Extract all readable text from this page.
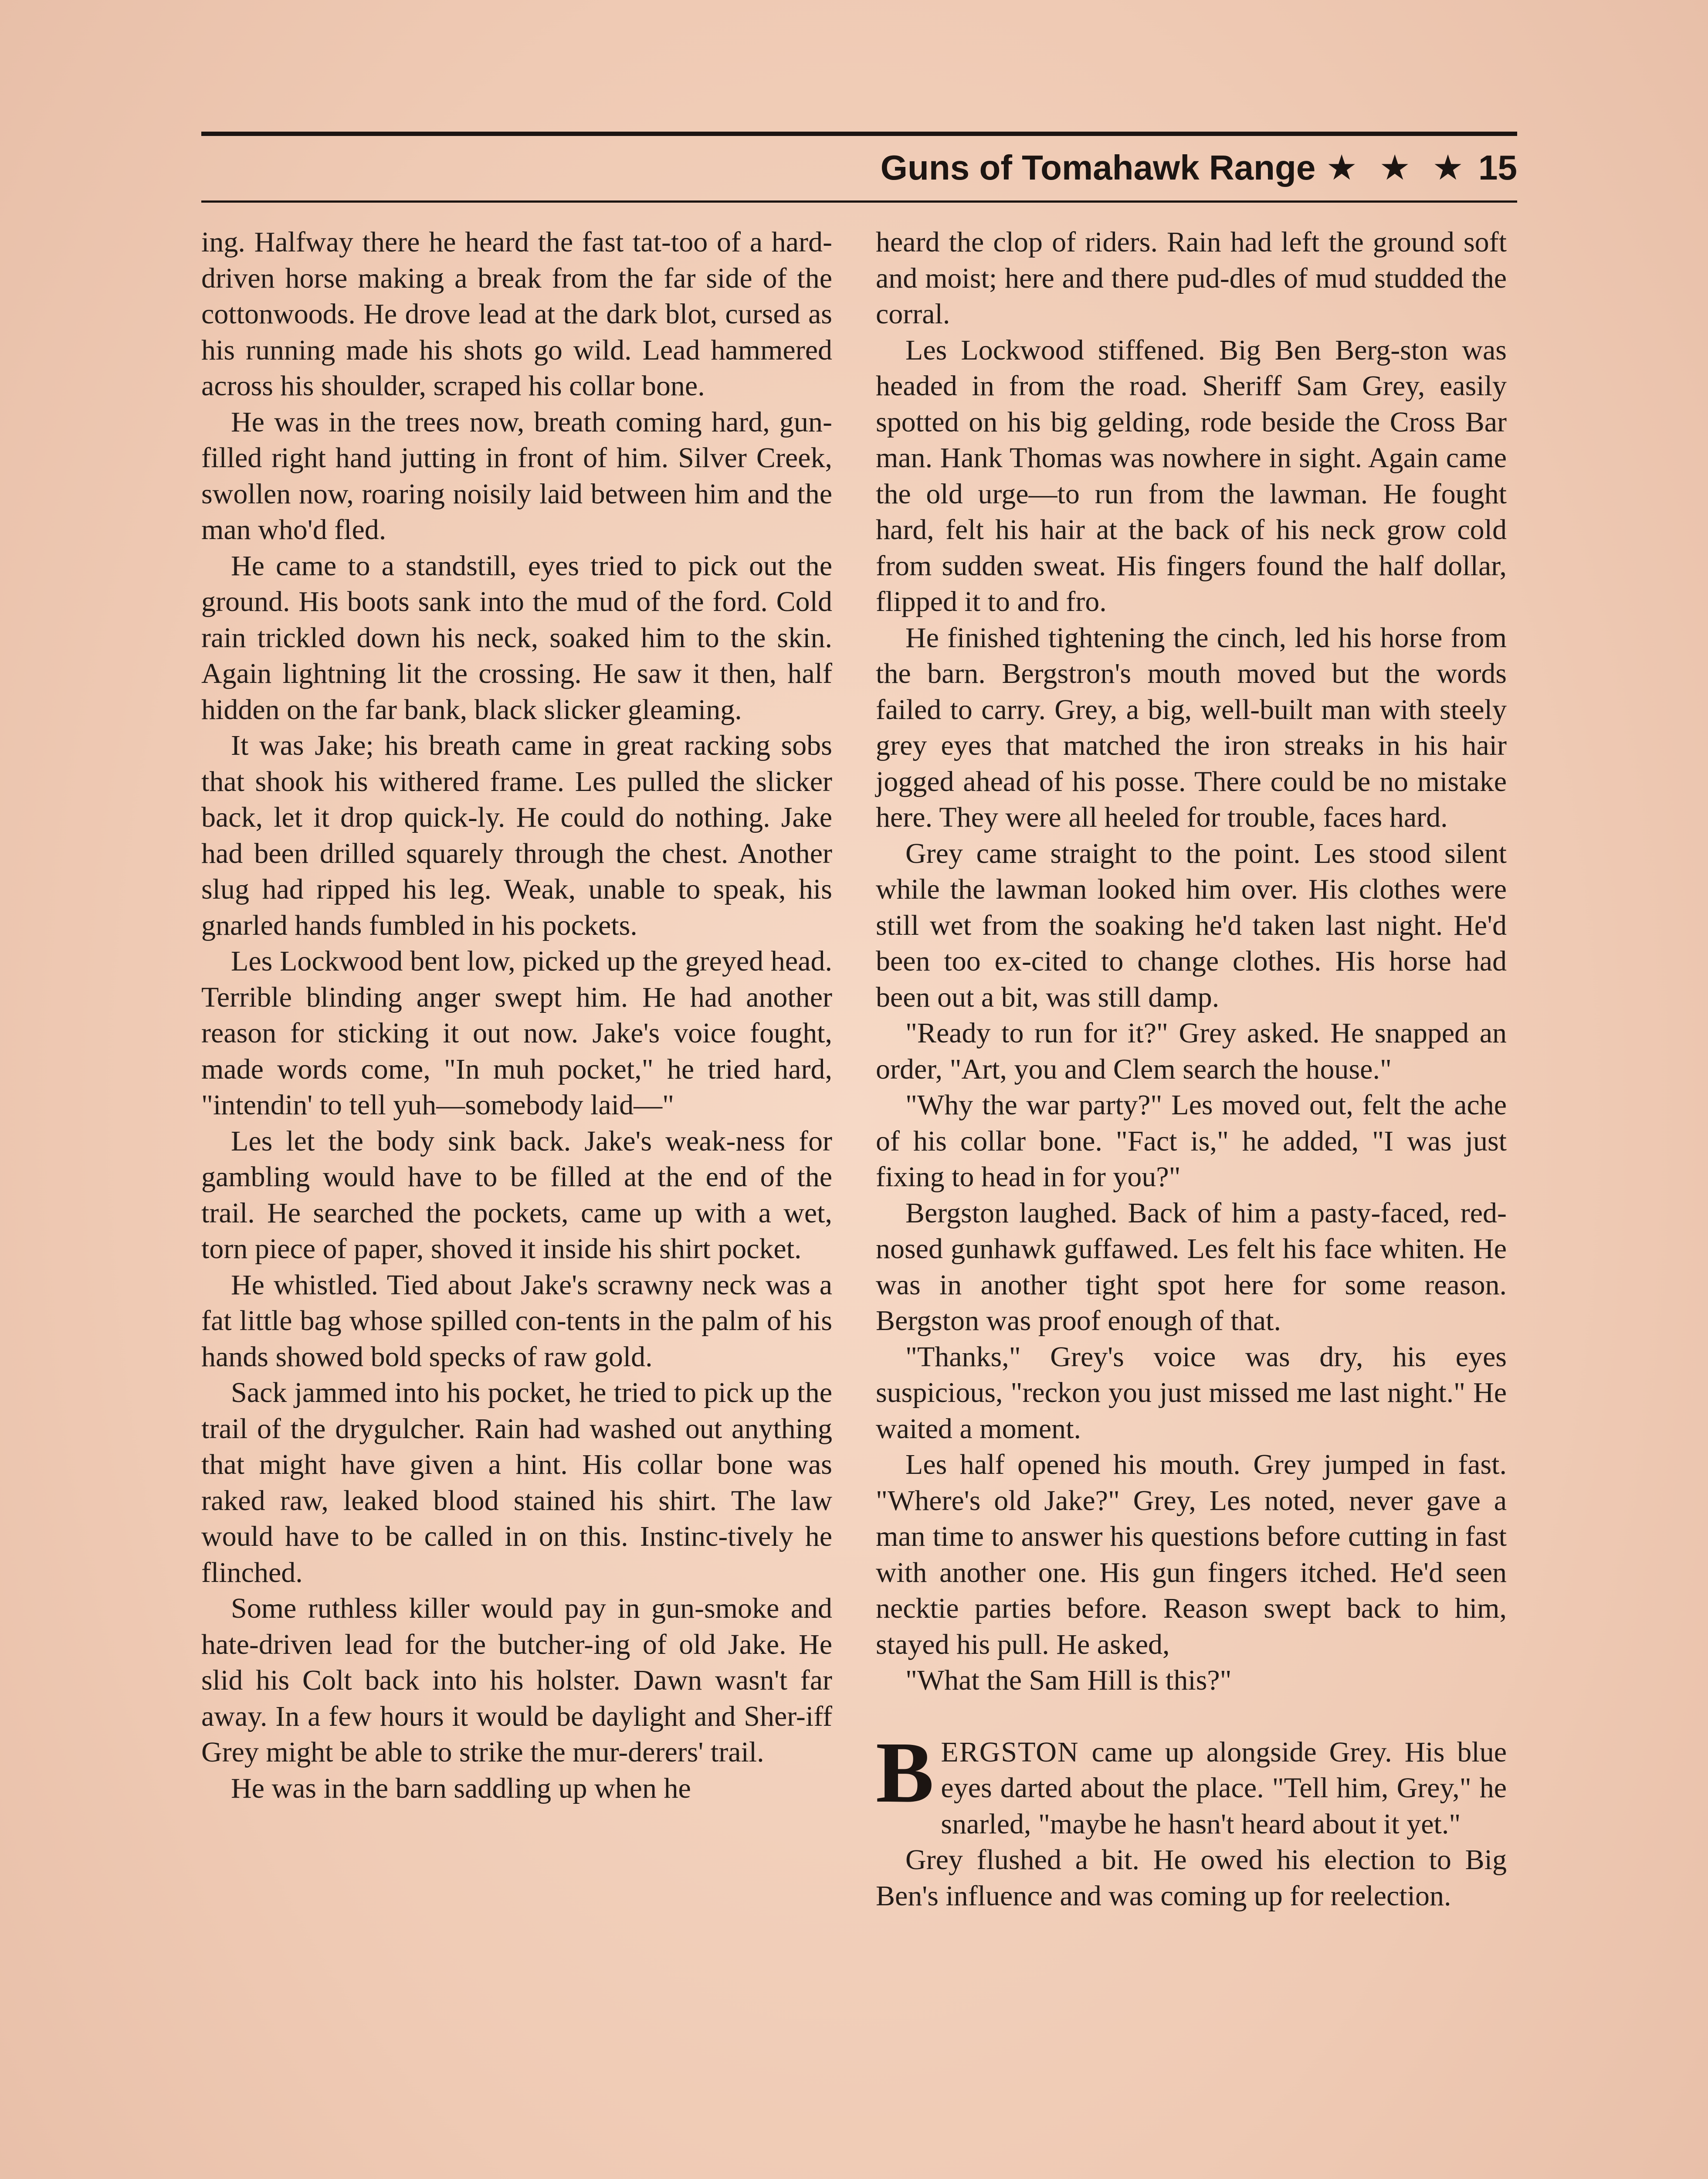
Guns of Tomahawk Range ★ ★ ★ 15

ing. Halfway there he heard the fast tat-too of a hard-driven horse making a break from the far side of the cottonwoods. He drove lead at the dark blot, cursed as his running made his shots go wild. Lead hammered across his shoulder, scraped his collar bone.

He was in the trees now, breath coming hard, gun-filled right hand jutting in front of him. Silver Creek, swollen now, roaring noisily laid between him and the man who'd fled.

He came to a standstill, eyes tried to pick out the ground. His boots sank into the mud of the ford. Cold rain trickled down his neck, soaked him to the skin. Again lightning lit the crossing. He saw it then, half hidden on the far bank, black slicker gleaming.

It was Jake; his breath came in great racking sobs that shook his withered frame. Les pulled the slicker back, let it drop quick-ly. He could do nothing. Jake had been drilled squarely through the chest. Another slug had ripped his leg. Weak, unable to speak, his gnarled hands fumbled in his pockets.

Les Lockwood bent low, picked up the greyed head. Terrible blinding anger swept him. He had another reason for sticking it out now. Jake's voice fought, made words come, "In muh pocket," he tried hard, "intendin' to tell yuh—somebody laid—"

Les let the body sink back. Jake's weak-ness for gambling would have to be filled at the end of the trail. He searched the pockets, came up with a wet, torn piece of paper, shoved it inside his shirt pocket.

He whistled. Tied about Jake's scrawny neck was a fat little bag whose spilled con-tents in the palm of his hands showed bold specks of raw gold.

Sack jammed into his pocket, he tried to pick up the trail of the drygulcher. Rain had washed out anything that might have given a hint. His collar bone was raked raw, leaked blood stained his shirt. The law would have to be called in on this. Instinc-tively he flinched.

Some ruthless killer would pay in gun-smoke and hate-driven lead for the butcher-ing of old Jake. He slid his Colt back into his holster. Dawn wasn't far away. In a few hours it would be daylight and Sher-iff Grey might be able to strike the mur-derers' trail.

He was in the barn saddling up when he

heard the clop of riders. Rain had left the ground soft and moist; here and there pud-dles of mud studded the corral.

Les Lockwood stiffened. Big Ben Berg-ston was headed in from the road. Sheriff Sam Grey, easily spotted on his big gelding, rode beside the Cross Bar man. Hank Thomas was nowhere in sight. Again came the old urge—to run from the lawman. He fought hard, felt his hair at the back of his neck grow cold from sudden sweat. His fingers found the half dollar, flipped it to and fro.

He finished tightening the cinch, led his horse from the barn. Bergstron's mouth moved but the words failed to carry. Grey, a big, well-built man with steely grey eyes that matched the iron streaks in his hair jogged ahead of his posse. There could be no mistake here. They were all heeled for trouble, faces hard.

Grey came straight to the point. Les stood silent while the lawman looked him over. His clothes were still wet from the soaking he'd taken last night. He'd been too ex-cited to change clothes. His horse had been out a bit, was still damp.

"Ready to run for it?" Grey asked. He snapped an order, "Art, you and Clem search the house."

"Why the war party?" Les moved out, felt the ache of his collar bone. "Fact is," he added, "I was just fixing to head in for you?"

Bergston laughed. Back of him a pasty-faced, red-nosed gunhawk guffawed. Les felt his face whiten. He was in another tight spot here for some reason. Bergston was proof enough of that.

"Thanks," Grey's voice was dry, his eyes suspicious, "reckon you just missed me last night." He waited a moment.

Les half opened his mouth. Grey jumped in fast. "Where's old Jake?" Grey, Les noted, never gave a man time to answer his questions before cutting in fast with another one. His gun fingers itched. He'd seen necktie parties before. Reason swept back to him, stayed his pull. He asked,

"What the Sam Hill is this?"

BERGSTON came up alongside Grey. His blue eyes darted about the place. "Tell him, Grey," he snarled, "maybe he hasn't heard about it yet."

Grey flushed a bit. He owed his election to Big Ben's influence and was coming up for reelection.
